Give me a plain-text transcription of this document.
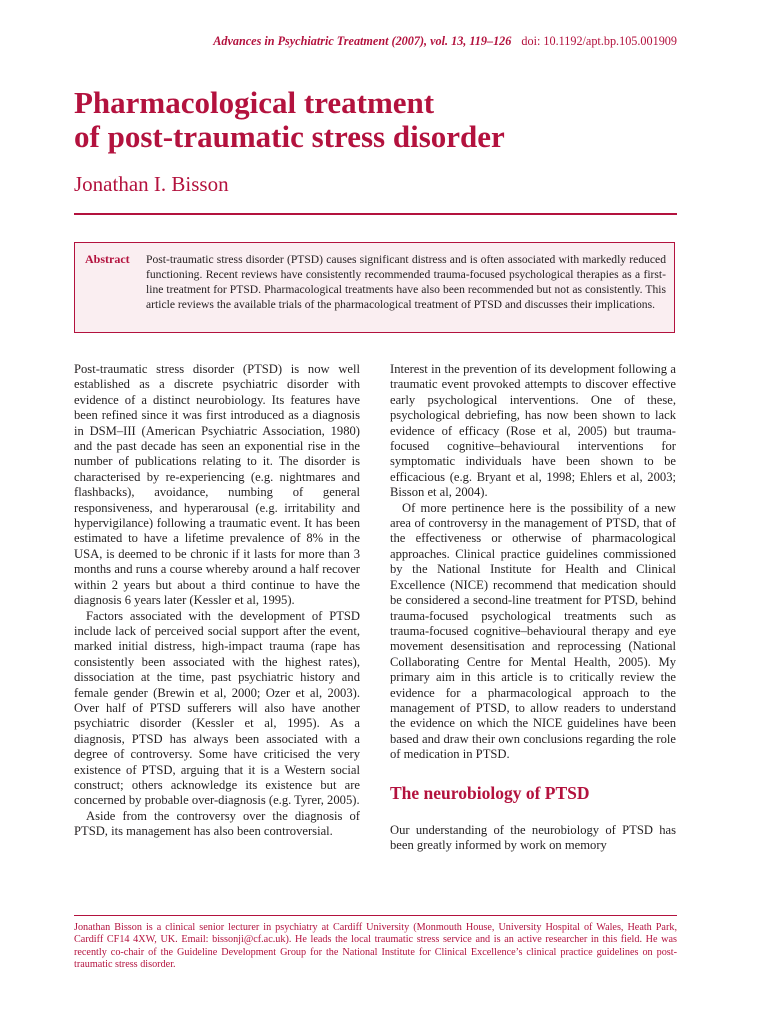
Advances in Psychiatric Treatment (2007), vol. 13, 119–126 doi: 10.1192/apt.bp.105.001909
Pharmacological treatment
of post-traumatic stress disorder
Jonathan I. Bisson
Abstract Post-traumatic stress disorder (PTSD) causes significant distress and is often associated with markedly reduced functioning. Recent reviews have consistently recommended trauma-focused psychological therapies as a first-line treatment for PTSD. Pharmacological treatments have also been recommended but not as consistently. This article reviews the available trials of the pharmacological treatment of PTSD and discusses their implications.

Post-traumatic stress disorder (PTSD) is now well established as a discrete psychiatric disorder with evidence of a distinct neurobiology. Its features have been refined since it was first introduced as a diagnosis in DSM–III (American Psychiatric Association, 1980) and the past decade has seen an exponential rise in the number of publications relating to it. The disorder is characterised by re-experiencing (e.g. nightmares and flashbacks), avoidance, numbing of general responsiveness, and hyperarousal (e.g. irritability and hypervigilance) following a traumatic event. It has been estimated to have a lifetime prevalence of 8% in the USA, is deemed to be chronic if it lasts for more than 3 months and runs a course whereby around a half recover within 2 years but about a third continue to have the diagnosis 6 years later (Kessler et al, 1995).

Factors associated with the development of PTSD include lack of perceived social support after the event, marked initial distress, high-impact trauma (rape has consistently been associated with the highest rates), dissociation at the time, past psychiatric history and female gender (Brewin et al, 2000; Ozer et al, 2003). Over half of PTSD sufferers will also have another psychiatric disorder (Kessler et al, 1995). As a diagnosis, PTSD has always been associated with a degree of controversy. Some have criticised the very existence of PTSD, arguing that it is a Western social construct; others acknowledge its existence but are concerned by probable over-diagnosis (e.g. Tyrer, 2005).

Aside from the controversy over the diagnosis of PTSD, its management has also been controversial.

Interest in the prevention of its development following a traumatic event provoked attempts to discover effective early psychological interventions. One of these, psychological debriefing, has now been shown to lack evidence of efficacy (Rose et al, 2005) but trauma-focused cognitive–behavioural interventions for symptomatic individuals have been shown to be efficacious (e.g. Bryant et al, 1998; Ehlers et al, 2003; Bisson et al, 2004).

Of more pertinence here is the possibility of a new area of controversy in the management of PTSD, that of the effectiveness or otherwise of pharmacological approaches. Clinical practice guidelines commissioned by the National Institute for Health and Clinical Excellence (NICE) recommend that medication should be considered a second-line treatment for PTSD, behind trauma-focused psychological treatments such as trauma-focused cognitive–behavioural therapy and eye movement desensitisation and reprocessing (National Collaborating Centre for Mental Health, 2005). My primary aim in this article is to critically review the evidence for a pharmacological approach to the management of PTSD, to allow readers to understand the evidence on which the NICE guidelines have been based and draw their own conclusions regarding the role of medication in PTSD.

The neurobiology of PTSD

Our understanding of the neurobiology of PTSD has been greatly informed by work on memory

Jonathan Bisson is a clinical senior lecturer in psychiatry at Cardiff University (Monmouth House, University Hospital of Wales, Heath Park, Cardiff CF14 4XW, UK. Email: bissonji@cf.ac.uk). He leads the local traumatic stress service and is an active researcher in this field. He was recently co-chair of the Guideline Development Group for the National Institute for Clinical Excellence’s clinical practice guidelines on post-traumatic stress disorder.
